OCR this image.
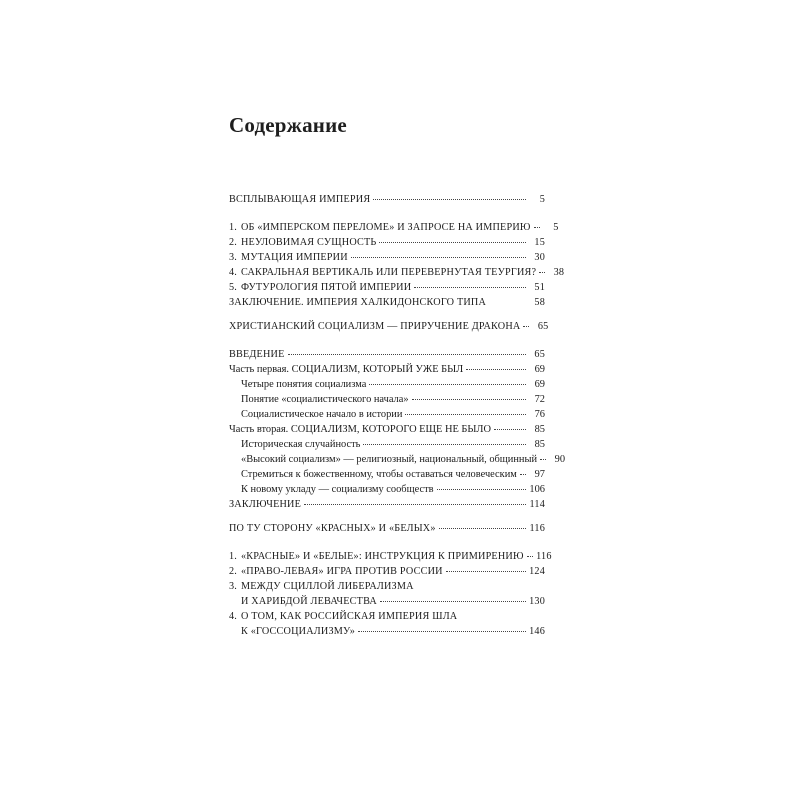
Содержание
ВСПЛЫВАЮЩАЯ ИМПЕРИЯ	5
1. ОБ «ИМПЕРСКОМ ПЕРЕЛОМЕ» И ЗАПРОСЕ НА ИМПЕРИЮ	5
2. НЕУЛОВИМАЯ СУЩНОСТЬ	15
3. МУТАЦИЯ ИМПЕРИИ	30
4. САКРАЛЬНАЯ ВЕРТИКАЛЬ ИЛИ ПЕРЕВЕРНУТАЯ ТЕУРГИЯ?	38
5. ФУТУРОЛОГИЯ ПЯТОЙ ИМПЕРИИ	51
ЗАКЛЮЧЕНИЕ. ИМПЕРИЯ ХАЛКИДОНСКОГО ТИПА	58
ХРИСТИАНСКИЙ СОЦИАЛИЗМ — ПРИРУЧЕНИЕ ДРАКОНА	65
ВВЕДЕНИЕ	65
Часть первая. СОЦИАЛИЗМ, КОТОРЫЙ УЖЕ БЫЛ	69
Четыре понятия социализма	69
Понятие «социалистического начала»	72
Социалистическое начало в истории	76
Часть вторая. СОЦИАЛИЗМ, КОТОРОГО ЕЩЕ НЕ БЫЛО	85
Историческая случайность	85
«Высокий социализм» — религиозный, национальный, общинный	90
Стремиться к божественному, чтобы оставаться человеческим	97
К новому укладу — социализму сообществ	106
ЗАКЛЮЧЕНИЕ	114
ПО ТУ СТОРОНУ «КРАСНЫХ» И «БЕЛЫХ»	116
1. «КРАСНЫЕ» И «БЕЛЫЕ»: ИНСТРУКЦИЯ К ПРИМИРЕНИЮ 116
2. «ПРАВО-ЛЕВАЯ» ИГРА ПРОТИВ РОССИИ	124
3. МЕЖДУ СЦИЛЛОЙ ЛИБЕРАЛИЗМА
И ХАРИБДОЙ ЛЕВАЧЕСТВА	130
4. О ТОМ, КАК РОССИЙСКАЯ ИМПЕРИЯ ШЛА
К «ГОССОЦИАЛИЗМУ»	146
